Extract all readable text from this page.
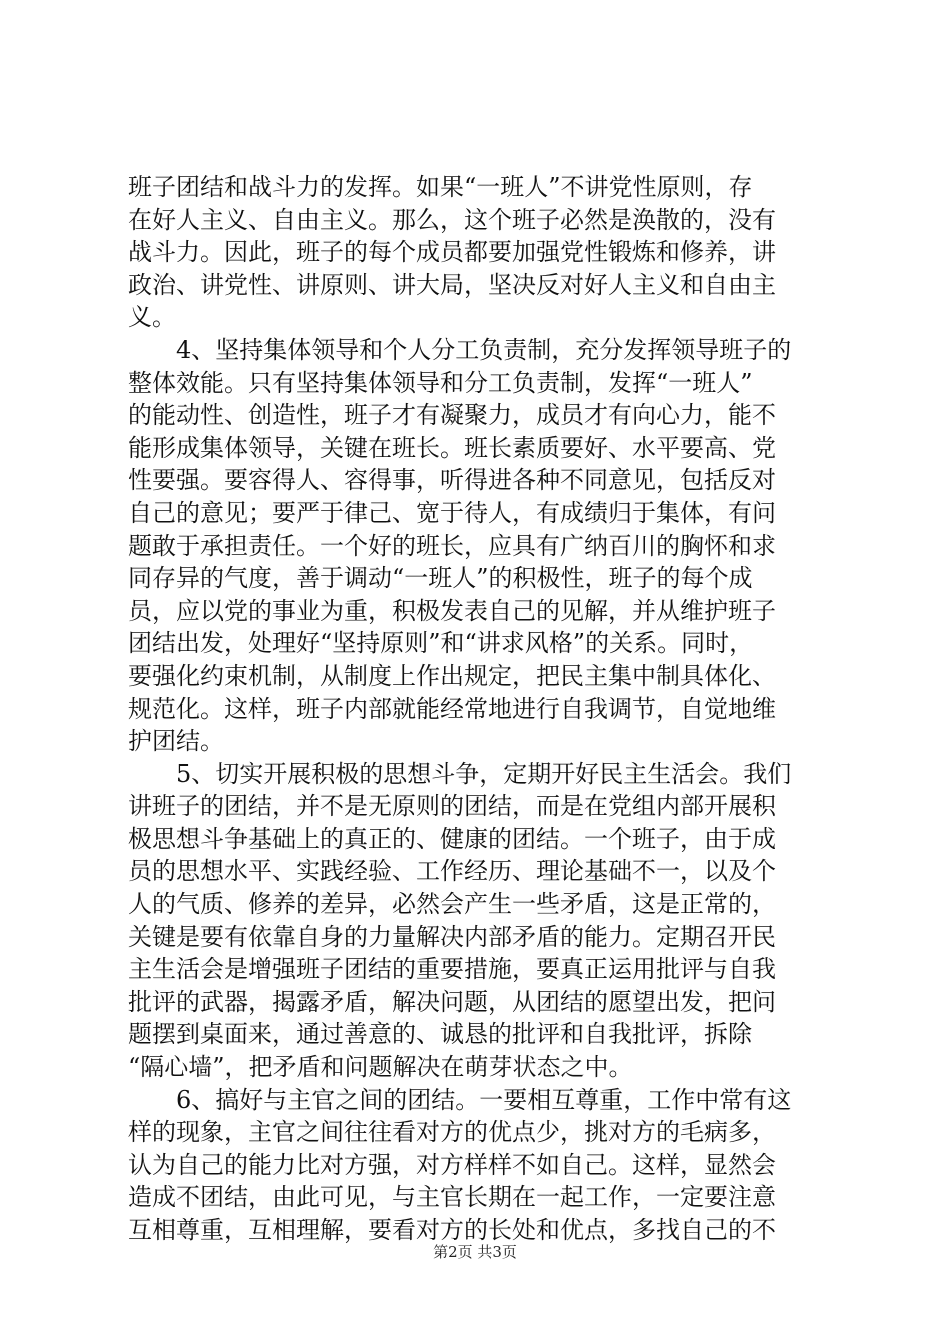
班子团结和战斗力的发挥。如果“一班人”不讲党性原则，存
在好人主义、自由主义。那么，这个班子必然是涣散的，没有
战斗力。因此，班子的每个成员都要加强党性锻炼和修养，讲
政治、讲党性、讲原则、讲大局，坚决反对好人主义和自由主
义。
　　4、坚持集体领导和个人分工负责制，充分发挥领导班子的
整体效能。只有坚持集体领导和分工负责制，发挥“一班人”
的能动性、创造性，班子才有凝聚力，成员才有向心力，能不
能形成集体领导，关键在班长。班长素质要好、水平要高、党
性要强。要容得人、容得事，听得进各种不同意见，包括反对
自己的意见；要严于律己、宽于待人，有成绩归于集体，有问
题敢于承担责任。一个好的班长，应具有广纳百川的胸怀和求
同存异的气度，善于调动“一班人”的积极性，班子的每个成
员，应以党的事业为重，积极发表自己的见解，并从维护班子
团结出发，处理好“坚持原则”和“讲求风格”的关系。同时，
要强化约束机制，从制度上作出规定，把民主集中制具体化、
规范化。这样，班子内部就能经常地进行自我调节，自觉地维
护团结。
　　5、切实开展积极的思想斗争，定期开好民主生活会。我们
讲班子的团结，并不是无原则的团结，而是在党组内部开展积
极思想斗争基础上的真正的、健康的团结。一个班子，由于成
员的思想水平、实践经验、工作经历、理论基础不一，以及个
人的气质、修养的差异，必然会产生一些矛盾，这是正常的，
关键是要有依靠自身的力量解决内部矛盾的能力。定期召开民
主生活会是增强班子团结的重要措施，要真正运用批评与自我
批评的武器，揭露矛盾，解决问题，从团结的愿望出发，把问
题摆到桌面来，通过善意的、诚恳的批评和自我批评，拆除
“隔心墙”，把矛盾和问题解决在萌芽状态之中。
　　6、搞好与主官之间的团结。一要相互尊重，工作中常有这
样的现象，主官之间往往看对方的优点少，挑对方的毛病多，
认为自己的能力比对方强，对方样样不如自己。这样，显然会
造成不团结，由此可见，与主官长期在一起工作，一定要注意
互相尊重，互相理解，要看对方的长处和优点，多找自己的不
第2页 共3页
